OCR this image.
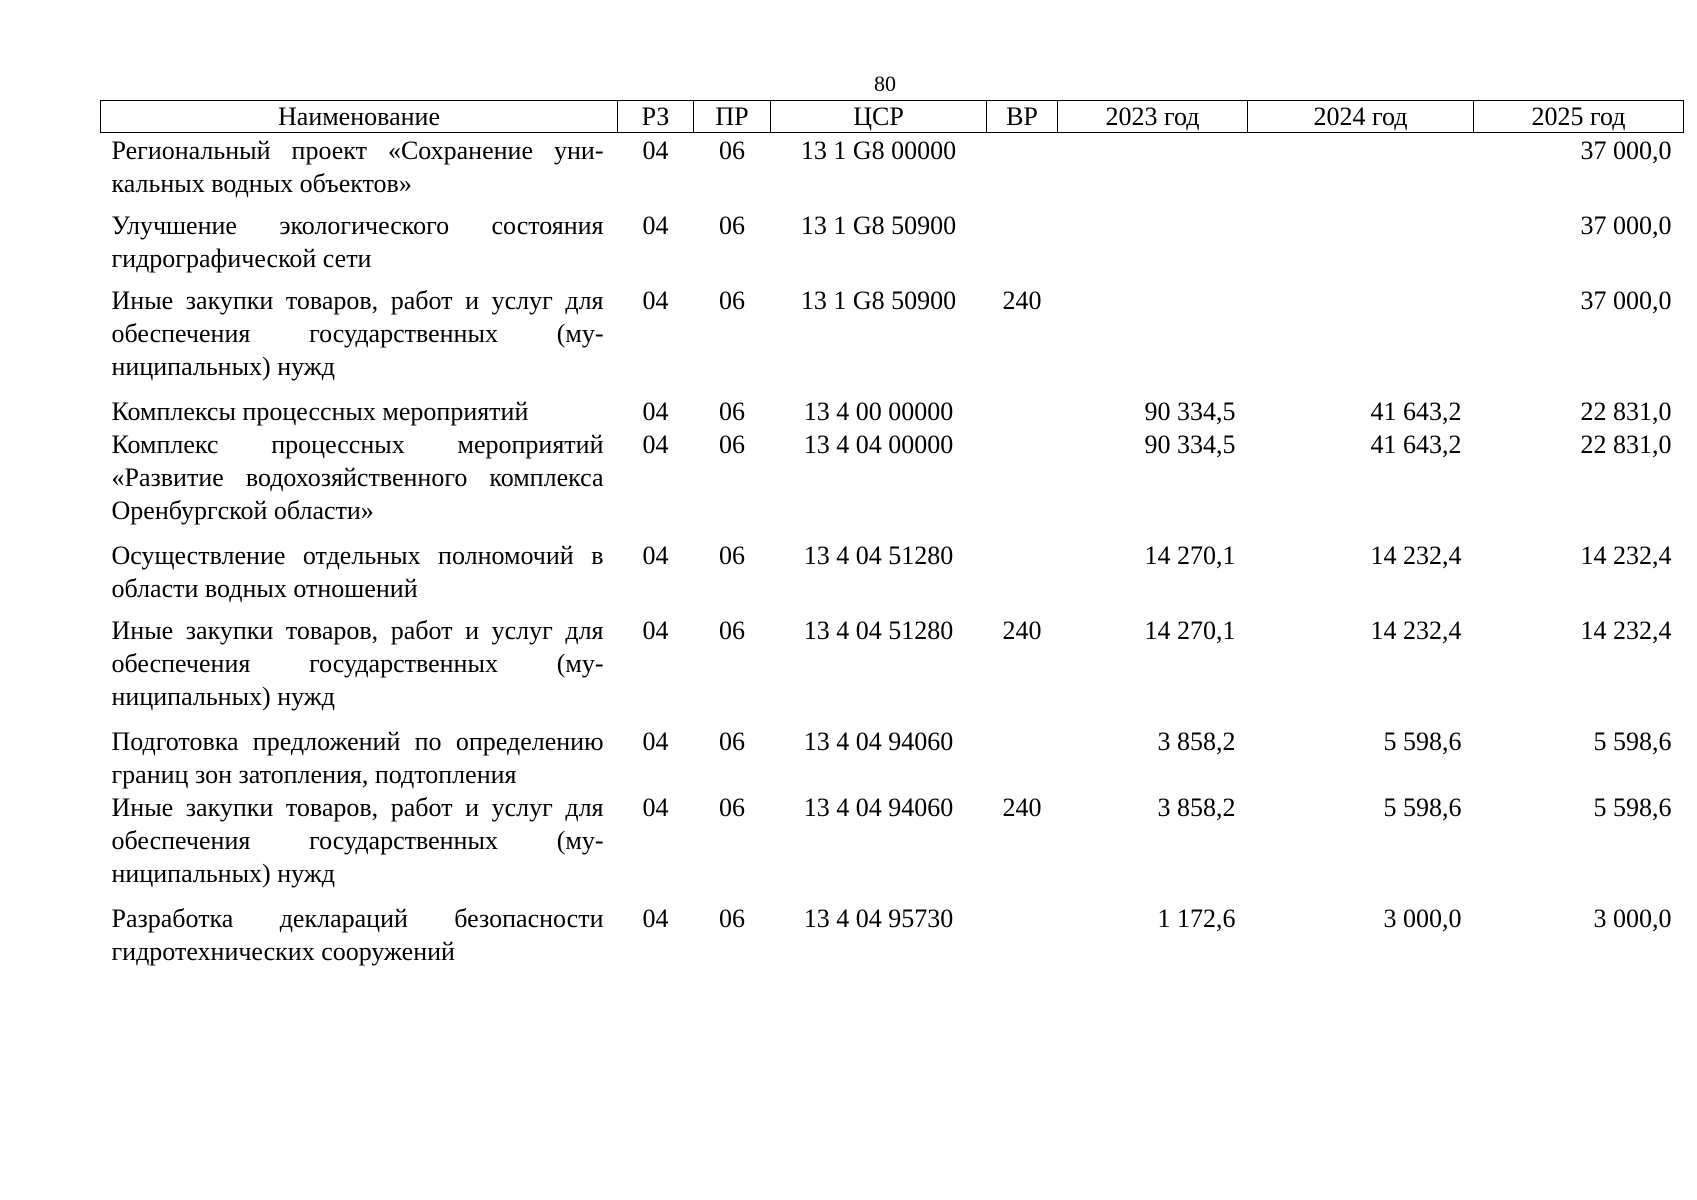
80
Наименование	РЗ	ПР	ЦСР	ВР	2023 год	2024 год	2025 год
Региональный проект «Сохранение уникальных водных объектов»	04	06	13 1 G8 00000				37 000,0
Улучшение экологического состояния гидрографической сети	04	06	13 1 G8 50900				37 000,0
Иные закупки товаров, работ и услуг для обеспечения государственных (муниципальных) нужд	04	06	13 1 G8 50900	240			37 000,0
Комплексы процессных мероприятий	04	06	13 4 00 00000		90 334,5	41 643,2	22 831,0
Комплекс процессных мероприятий «Развитие водохозяйственного комплекса Оренбургской области»	04	06	13 4 04 00000		90 334,5	41 643,2	22 831,0
Осуществление отдельных полномочий в области водных отношений	04	06	13 4 04 51280		14 270,1	14 232,4	14 232,4
Иные закупки товаров, работ и услуг для обеспечения государственных (муниципальных) нужд	04	06	13 4 04 51280	240	14 270,1	14 232,4	14 232,4
Подготовка предложений по определению границ зон затопления, подтопления	04	06	13 4 04 94060		3 858,2	5 598,6	5 598,6
Иные закупки товаров, работ и услуг для обеспечения государственных (муниципальных) нужд	04	06	13 4 04 94060	240	3 858,2	5 598,6	5 598,6
Разработка деклараций безопасности гидротехнических сооружений	04	06	13 4 04 95730		1 172,6	3 000,0	3 000,0
